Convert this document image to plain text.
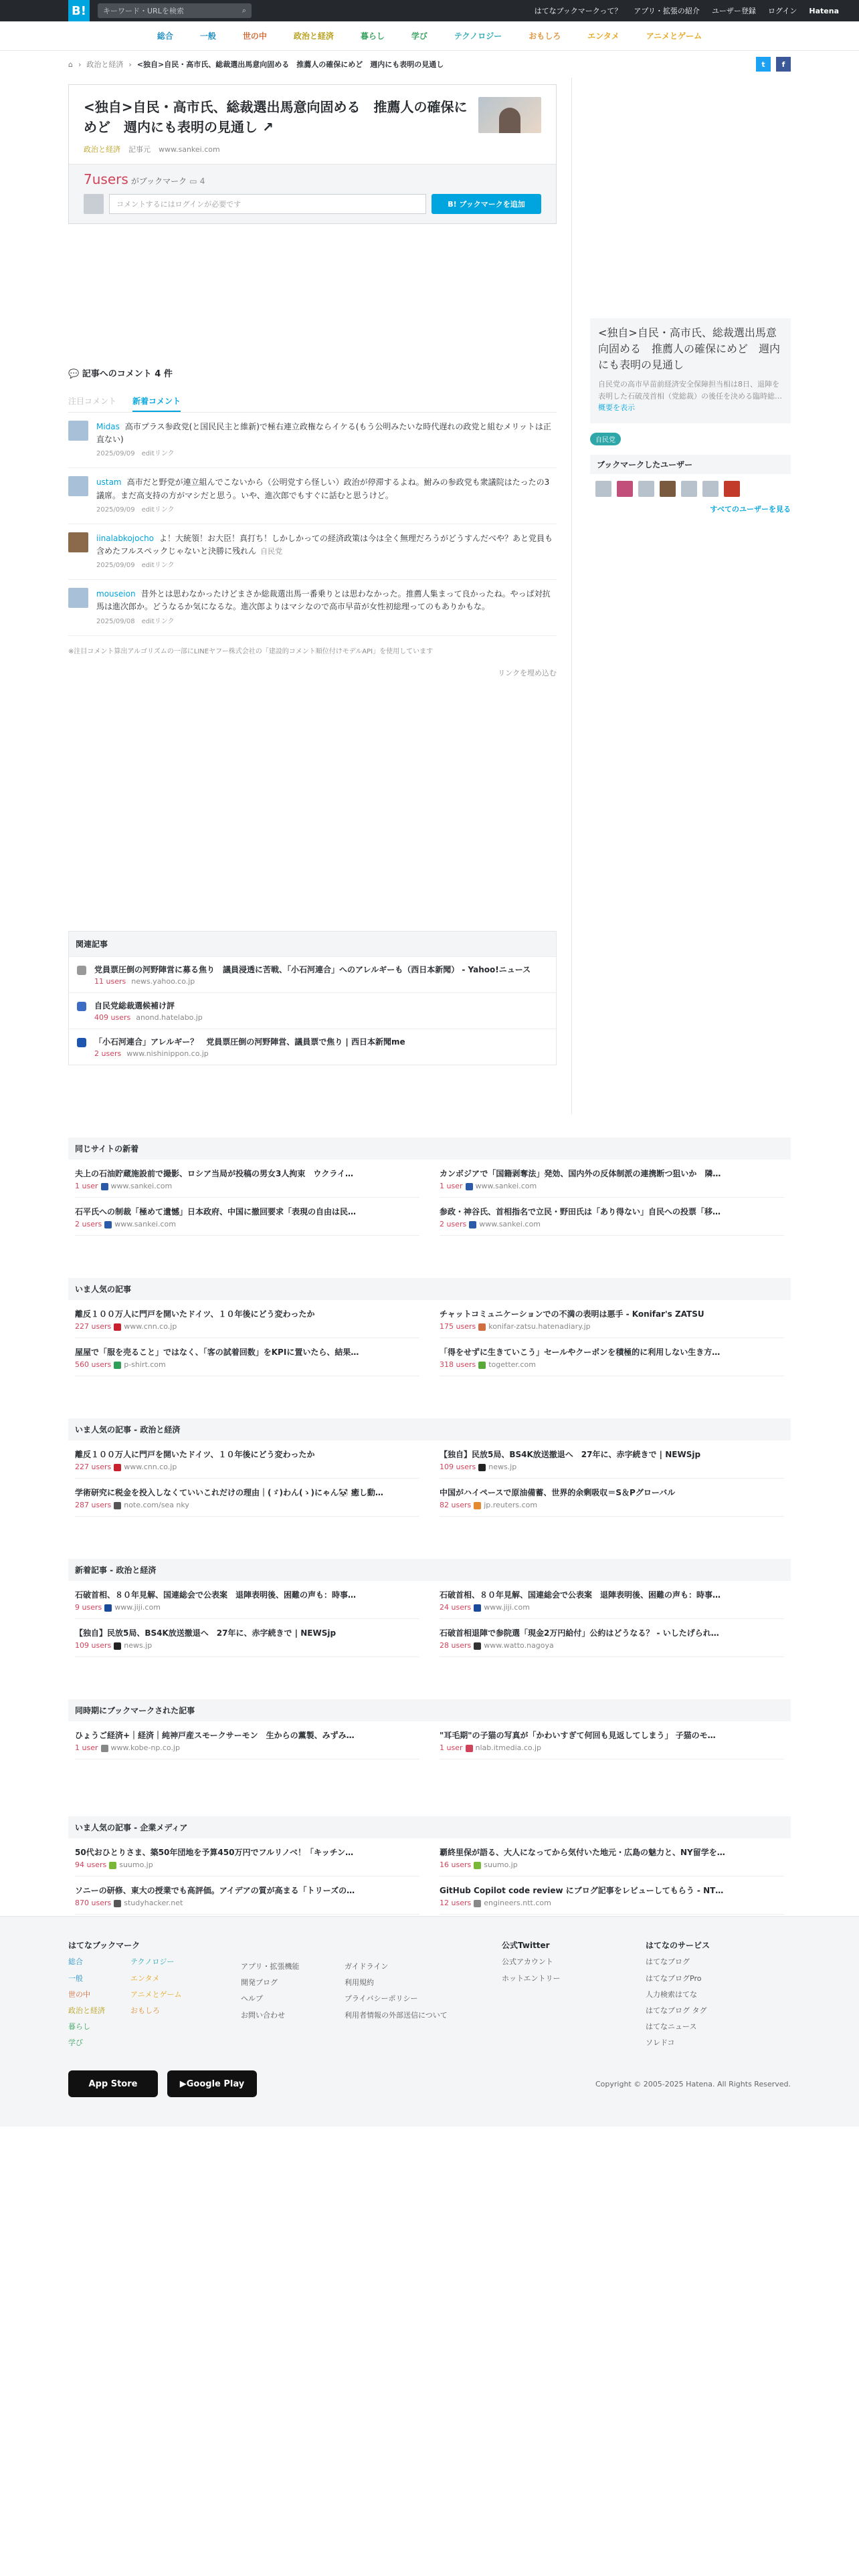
B!	キーワード・URLを検索	⌕	はてなブックマークって？ アプリ・拡張の紹介 ユーザー登録 ログイン Hatena
総合	一般	世の中	政治と経済	暮らし	学び	テクノロジー	おもしろ	エンタメ	アニメとゲーム
⌂ › 政治と経済 › <独自>自民・高市氏、総裁選出馬意向固める　推薦人の確保にめど　週内にも表明の見通し	t	f
<独自>自民・高市氏、総裁選出馬意向固める　推薦人の確保にめど　週内にも表明の見通し ↗
政治と経済 記事元 www.sankei.com
7users がブックマーク ▭ 4
コメントするにはログインが必要です	B! ブックマークを追加
💬 記事へのコメント 4 件
注目コメント 新着コメント
Midas 高市プラス参政党(と国民民主と維新)で極右連立政権ならイケる(もう公明みたいな時代遅れの政党と組むメリットは正直ない)
2025/09/09 editリンク
ustam 高市だと野党が連立組んでこないから（公明党すら怪しい）政治が停滞するよね。鮒みの参政党も衆議院はたったの3議席。まだ高支持の方がマシだと思う。いや、進次郎でもすぐに話むと思うけど。
2025/09/09 editリンク
iinalabkojocho よ！大統領！お大臣！真打ち！しかしかっての経済政策は今は全く無理だろうがどうすんだべや？あと党員も含めたフルスペックじゃないと決勝に残れん 自民党
2025/09/09 editリンク
mouseion 昔外とは思わなかったけどまさか総裁選出馬一番乗りとは思わなかった。推薦人集まって良かったね。やっぱ対抗馬は進次郎か。どうなるか気になるな。進次郎よりはマシなので高市早苗が女性初総理ってのもありかもな。
2025/09/08 editリンク
※注目コメント算出アルゴリズムの一部にLINEヤフー株式会社の「建設的コメント順位付けモデルAPI」を使用しています
リンクを埋め込む
関連記事
党員票圧倒の河野陣営に募る焦り　議員浸透に苦戦、「小石河連合」へのアレルギーも（西日本新聞） - Yahoo!ニュース
11 users news.yahoo.co.jp
自民党総裁選候補け評
409 users anond.hatelabo.jp
「小石河連合」アレルギー？　党員票圧倒の河野陣営、議員票で焦り | 西日本新聞me
2 users www.nishinippon.co.jp
<独自>自民・高市氏、総裁選出馬意向固める　推薦人の確保にめど　週内にも表明の見通し
自民党の高市早苗前経済安全保障担当相は8日、退陣を表明した石破茂首相（党総裁）の後任を決める臨時総… 概要を表示
自民党
ブックマークしたユーザー
すべてのユーザーを見る
同じサイトの新着
夫上の石油貯蔵施設前で撮影、ロシア当局が投稿の男女3人拘束　ウクライ…
1 user www.sankei.com
カンボジアで「国籍剥奪法」発効、国内外の反体制派の連携断つ狙いか　隣…
1 user www.sankei.com
石平氏への制裁「極めて遺憾」日本政府、中国に撤回要求「表現の自由は民…
2 users www.sankei.com
参政・神谷氏、首相指名で立民・野田氏は「あり得ない」自民への投票「移…
2 users www.sankei.com
いま人気の記事
離反１００万人に門戸を開いたドイツ、１０年後にどう変わったか
227 users www.cnn.co.jp
チャットコミュニケーションでの不満の表明は悪手 - Konifar's ZATSU
175 users konifar-zatsu.hatenadiary.jp
屋屋で「服を売ること」ではなく、「客の試着回数」をKPIに置いたら、結果…
560 users p-shirt.com
「得をせずに生きていこう」セールやクーポンを積極的に利用しない生き方…
318 users togetter.com
いま人気の記事 - 政治と経済
離反１００万人に門戸を開いたドイツ、１０年後にどう変わったか
227 users www.cnn.co.jp
【独自】民放5局、BS4K放送撤退へ　27年に、赤字続きで | NEWSjp
109 users news.jp
学術研究に税金を投入しなくていいこれだけの理由｜(ゞ)わん(ゝ)にゃん🐼 癒し動…
287 users note.com/sea nky
中国がハイペースで原油備蓄、世界的余剰吸収＝S＆Pグローバル
82 users jp.reuters.com
新着記事 - 政治と経済
石破首相、８０年見解、国連総会で公表案　退陣表明後、困難の声も：時事…
9 users www.jiji.com
石破首相、８０年見解、国連総会で公表案　退陣表明後、困難の声も：時事…
24 users www.jiji.com
【独自】民放5局、BS4K放送撤退へ　27年に、赤字続きで | NEWSjp
109 users news.jp
石破首相退陣で参院選「現金2万円給付」公約はどうなる？ - いしたげられ…
28 users www.watto.nagoya
同時期にブックマークされた記事
ひょうご経済+｜経済｜純神戸産スモークサーモン　生からの薫製、みずみ…
1 user www.kobe-np.co.jp
"耳毛期"の子猫の写真が「かわいすぎて何回も見返してしまう」 子猫のモ…
1 user nlab.itmedia.co.jp
いま人気の記事 - 企業メディア
50代おひとりさま、築50年団地を予算450万円でフルリノベ！「キッチン…
94 users suumo.jp
覇終里保が語る、大人になってから気付いた地元・広島の魅力と、NY留学を…
16 users suumo.jp
ソニーの研修、東大の授業でも高評価。アイデアの質が高まる「トリーズの…
870 users studyhacker.net
GitHub Copilot code review にブログ記事をレビューしてもらう - NT…
12 users engineers.ntt.com
はてなブックマーク
総合
一般
世の中
政治と経済
暮らし
学び
テクノロジー
エンタメ
アニメとゲーム
おもしろ
アプリ・拡張機能
開発ブログ
ヘルプ
お問い合わせ
ガイドライン
利用規約
プライバシーポリシー
利用者情報の外部送信について
公式Twitter
公式アカウント
ホットエントリー
はてなのサービス
はてなブログ
はてなブログPro
人力検索はてな
はてなブログ タグ
はてなニュース
ソレドコ
App Store	▶ Google Play	Copyright © 2005-2025 Hatena. All Rights Reserved.
